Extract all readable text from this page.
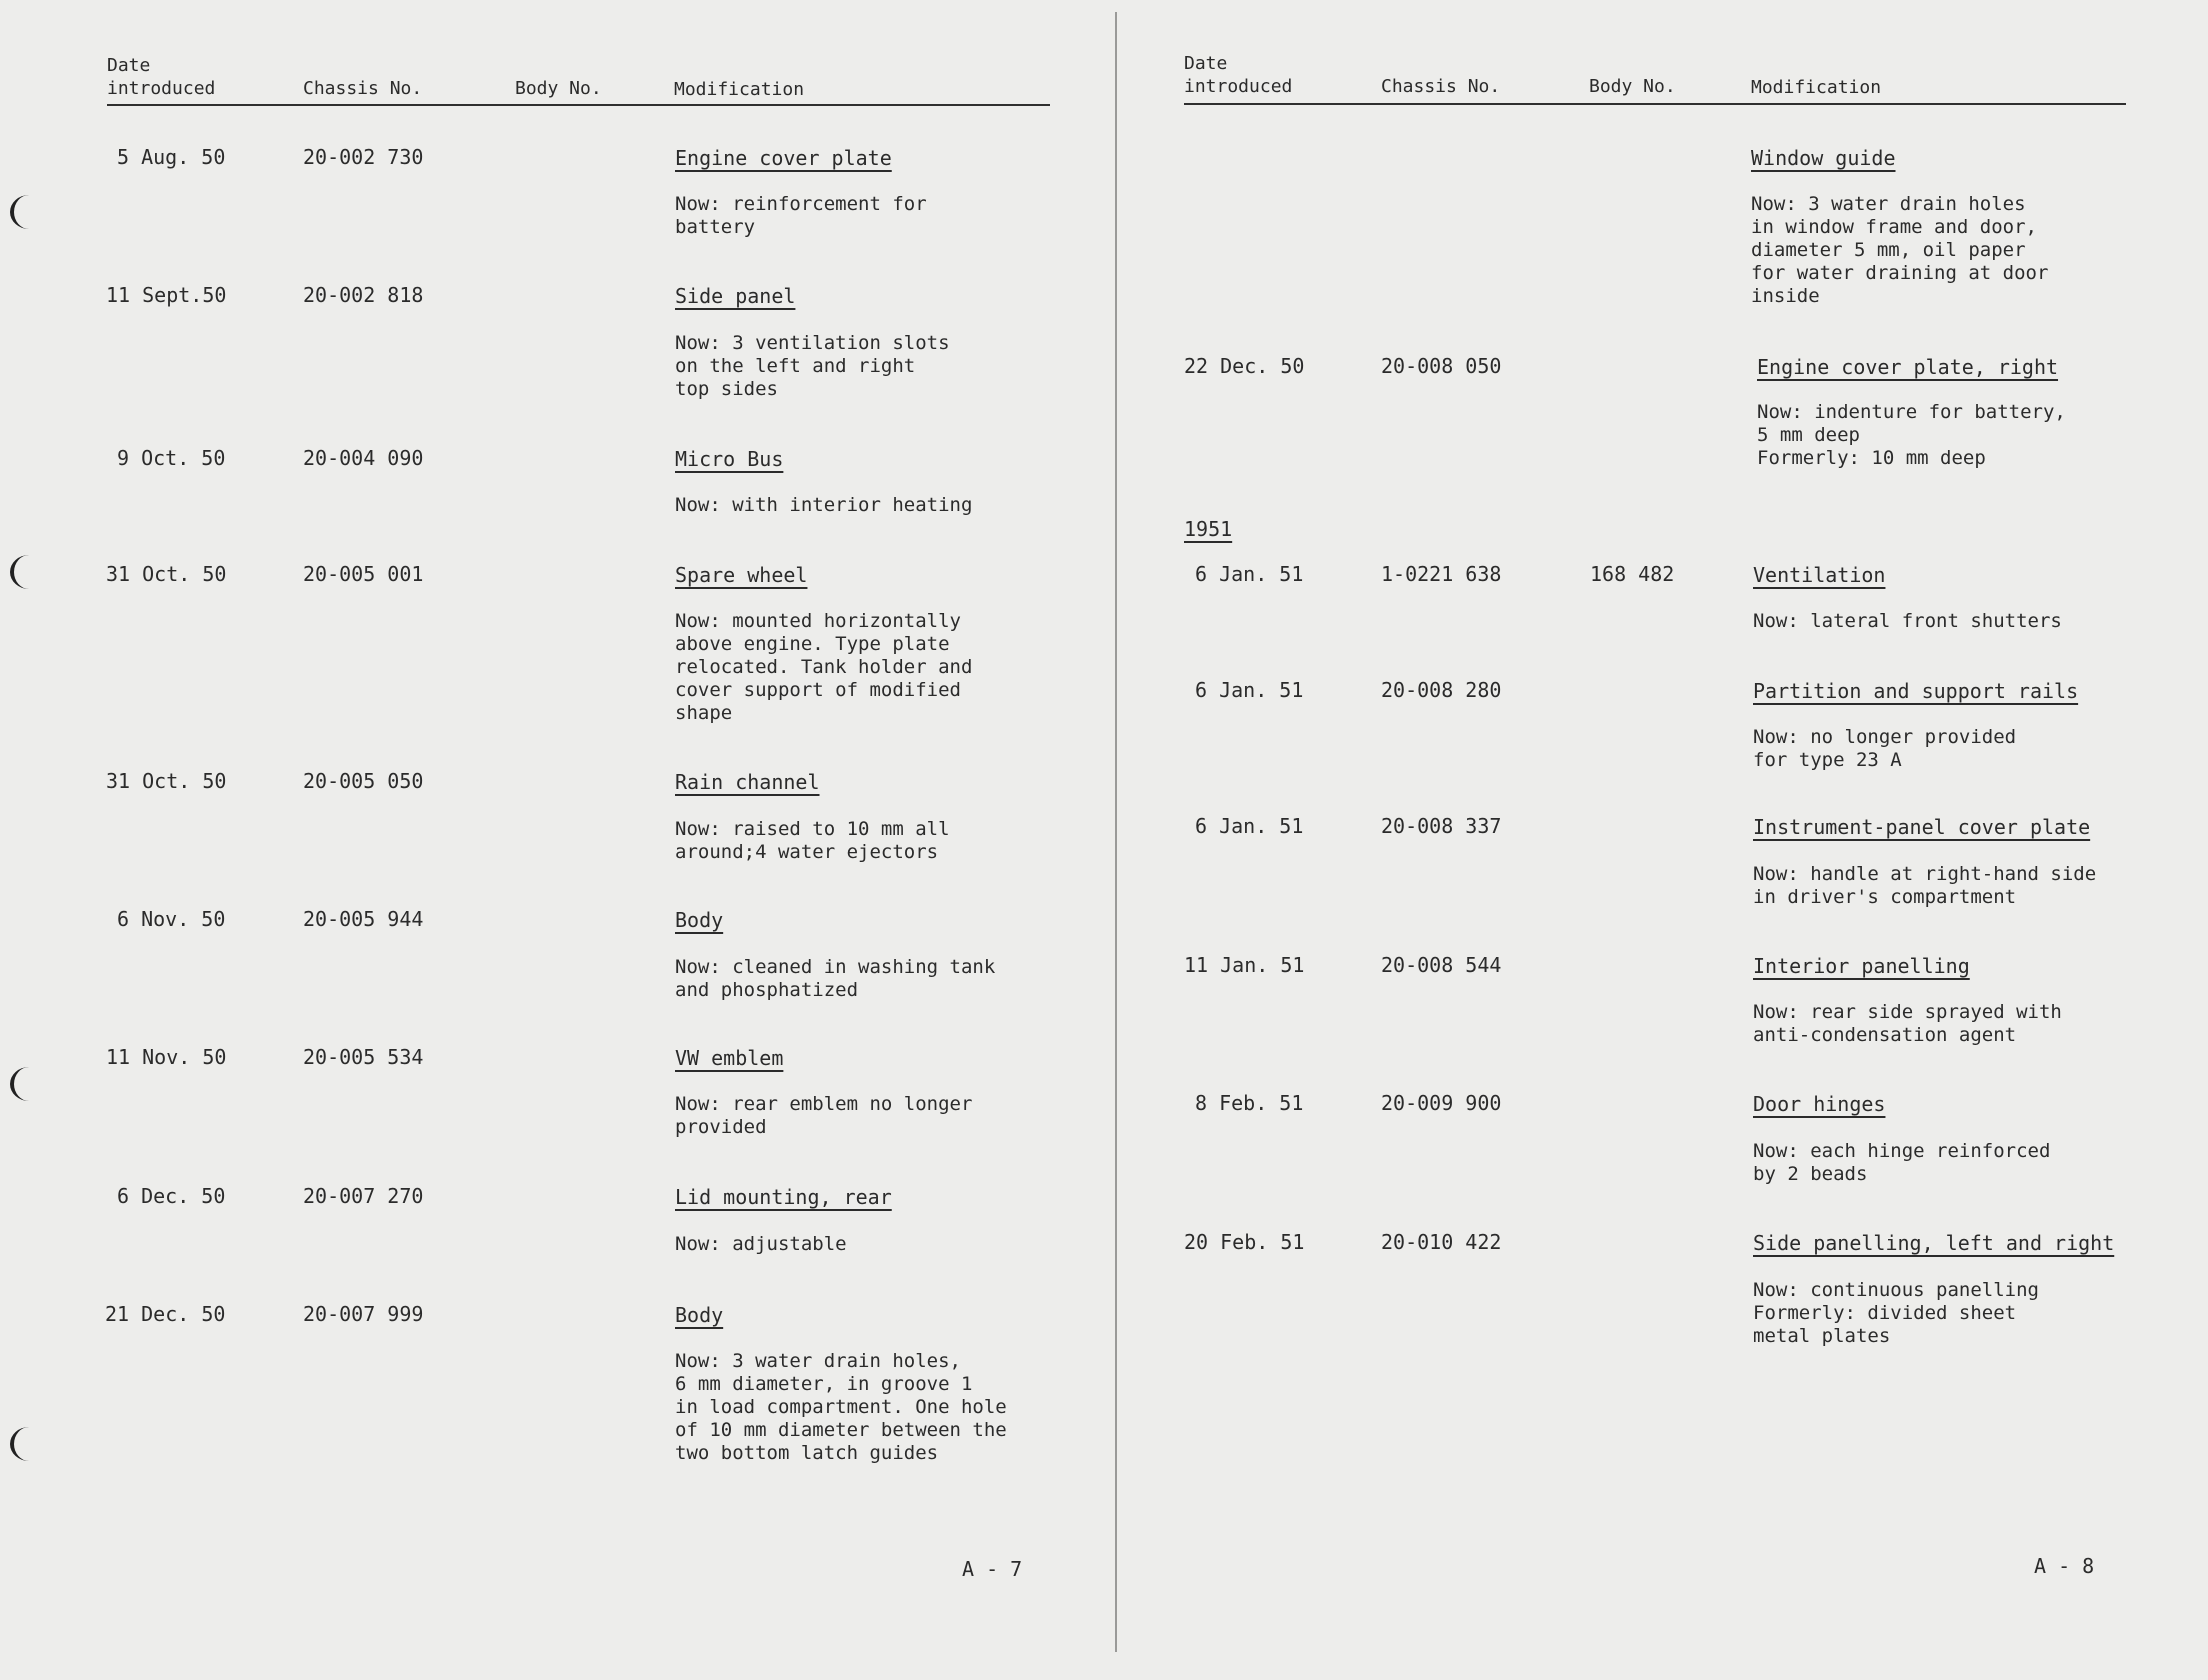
Date
introduced	Chassis No.	Body No.	Modification
5 Aug. 50	20-002 730	Engine cover plate
Now: reinforcement for
battery
11 Sept.50	20-002 818	Side panel
Now: 3 ventilation slots
on the left and right
top sides
9 Oct. 50	20-004 090	Micro Bus
Now: with interior heating
31 Oct. 50	20-005 001	Spare wheel
Now: mounted horizontally
above engine. Type plate
relocated. Tank holder and
cover support of modified
shape
31 Oct. 50	20-005 050	Rain channel
Now: raised to 10 mm all
around;4 water ejectors
6 Nov. 50	20-005 944	Body
Now: cleaned in washing tank
and phosphatized
11 Nov. 50	20-005 534	VW emblem
Now: rear emblem no longer
provided
6 Dec. 50	20-007 270	Lid mounting, rear
Now: adjustable
21 Dec. 50	20-007 999	Body
Now: 3 water drain holes,
6 mm diameter, in groove 1
in load compartment. One hole
of 10 mm diameter between the
two bottom latch guides
A - 7
Date
introduced	Chassis No.	Body No.	Modification
Window guide
Now: 3 water drain holes
in window frame and door,
diameter 5 mm, oil paper
for water draining at door
inside
22 Dec. 50	20-008 050	Engine cover plate, right
Now: indenture for battery,
5 mm deep
Formerly: 10 mm deep
1951
6 Jan. 51	1-0221 638	168 482	Ventilation
Now: lateral front shutters
6 Jan. 51	20-008 280	Partition and support rails
Now: no longer provided
for type 23 A
6 Jan. 51	20-008 337	Instrument-panel cover plate
Now: handle at right-hand side
in driver's compartment
11 Jan. 51	20-008 544	Interior panelling
Now: rear side sprayed with
anti-condensation agent
8 Feb. 51	20-009 900	Door hinges
Now: each hinge reinforced
by 2 beads
20 Feb. 51	20-010 422	Side panelling, left and right
Now: continuous panelling
Formerly: divided sheet
metal plates
A - 8
